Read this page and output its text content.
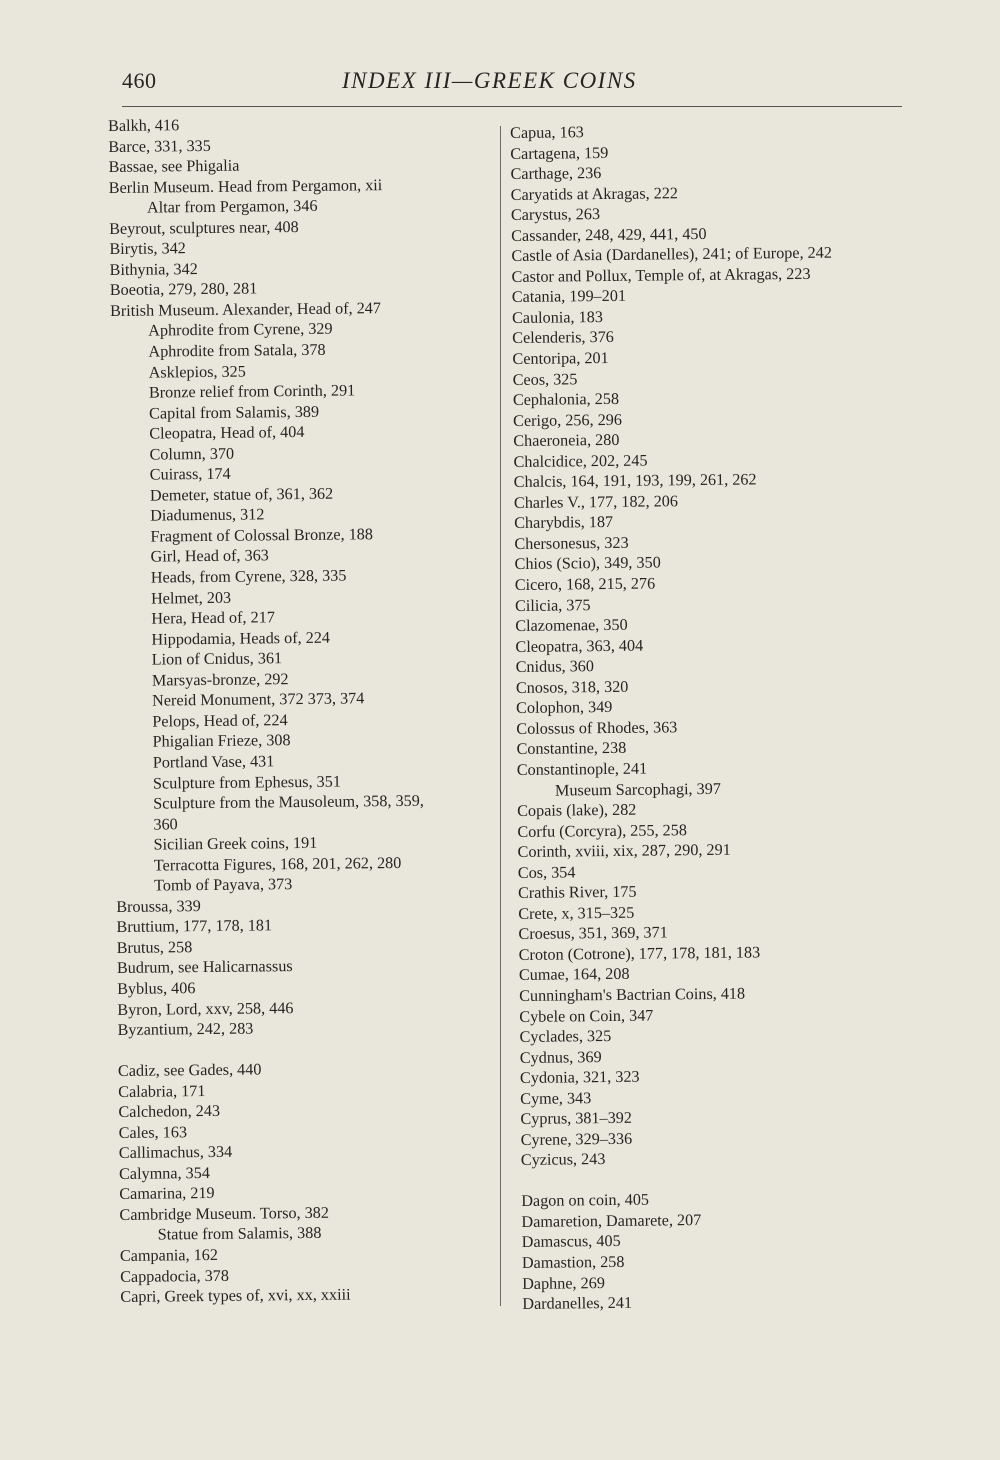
460	INDEX III—GREEK COINS
Balkh, 416
Barce, 331, 335
Bassae, see Phigalia
Berlin Museum. Head from Pergamon, xii
Altar from Pergamon, 346
Beyrout, sculptures near, 408
Birytis, 342
Bithynia, 342
Boeotia, 279, 280, 281
British Museum. Alexander, Head of, 247
Aphrodite from Cyrene, 329
Aphrodite from Satala, 378
Asklepios, 325
Bronze relief from Corinth, 291
Capital from Salamis, 389
Cleopatra, Head of, 404
Column, 370
Cuirass, 174
Demeter, statue of, 361, 362
Diadumenus, 312
Fragment of Colossal Bronze, 188
Girl, Head of, 363
Heads, from Cyrene, 328, 335
Helmet, 203
Hera, Head of, 217
Hippodamia, Heads of, 224
Lion of Cnidus, 361
Marsyas-bronze, 292
Nereid Monument, 372 373, 374
Pelops, Head of, 224
Phigalian Frieze, 308
Portland Vase, 431
Sculpture from Ephesus, 351
Sculpture from the Mausoleum, 358, 359,
360
Sicilian Greek coins, 191
Terracotta Figures, 168, 201, 262, 280
Tomb of Payava, 373
Broussa, 339
Bruttium, 177, 178, 181
Brutus, 258
Budrum, see Halicarnassus
Byblus, 406
Byron, Lord, xxv, 258, 446
Byzantium, 242, 283
Cadiz, see Gades, 440
Calabria, 171
Calchedon, 243
Cales, 163
Callimachus, 334
Calymna, 354
Camarina, 219
Cambridge Museum. Torso, 382
Statue from Salamis, 388
Campania, 162
Cappadocia, 378
Capri, Greek types of, xvi, xx, xxiii
Capua, 163
Cartagena, 159
Carthage, 236
Caryatids at Akragas, 222
Carystus, 263
Cassander, 248, 429, 441, 450
Castle of Asia (Dardanelles), 241; of Europe, 242
Castor and Pollux, Temple of, at Akragas, 223
Catania, 199–201
Caulonia, 183
Celenderis, 376
Centoripa, 201
Ceos, 325
Cephalonia, 258
Cerigo, 256, 296
Chaeroneia, 280
Chalcidice, 202, 245
Chalcis, 164, 191, 193, 199, 261, 262
Charles V., 177, 182, 206
Charybdis, 187
Chersonesus, 323
Chios (Scio), 349, 350
Cicero, 168, 215, 276
Cilicia, 375
Clazomenae, 350
Cleopatra, 363, 404
Cnidus, 360
Cnosos, 318, 320
Colophon, 349
Colossus of Rhodes, 363
Constantine, 238
Constantinople, 241
Museum Sarcophagi, 397
Copais (lake), 282
Corfu (Corcyra), 255, 258
Corinth, xviii, xix, 287, 290, 291
Cos, 354
Crathis River, 175
Crete, x, 315–325
Croesus, 351, 369, 371
Croton (Cotrone), 177, 178, 181, 183
Cumae, 164, 208
Cunningham's Bactrian Coins, 418
Cybele on Coin, 347
Cyclades, 325
Cydnus, 369
Cydonia, 321, 323
Cyme, 343
Cyprus, 381–392
Cyrene, 329–336
Cyzicus, 243
Dagon on coin, 405
Damaretion, Damarete, 207
Damascus, 405
Damastion, 258
Daphne, 269
Dardanelles, 241
